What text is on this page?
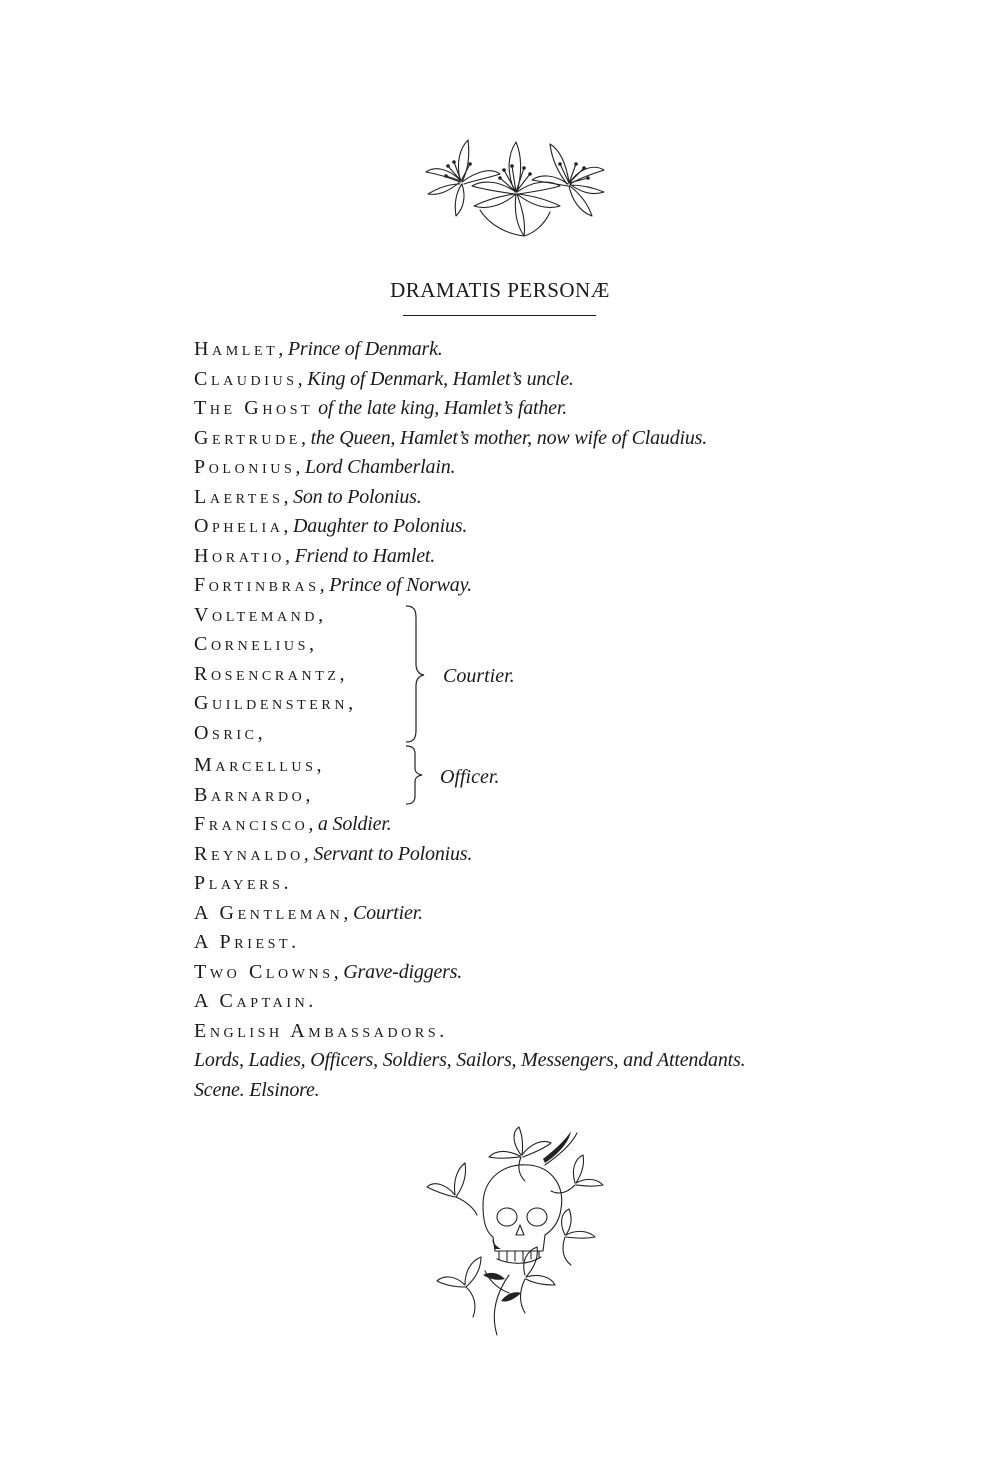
DRAMATIS PERSONÆ
Hamlet, Prince of Denmark.
Claudius, King of Denmark, Hamlet’s uncle.
The Ghost of the late king, Hamlet’s father.
Gertrude, the Queen, Hamlet’s mother, now wife of Claudius.
Polonius, Lord Chamberlain.
Laertes, Son to Polonius.
Ophelia, Daughter to Polonius.
Horatio, Friend to Hamlet.
Fortinbras, Prince of Norway.
Voltemand,
Cornelius,
Rosencrantz,
Guildenstern,
Osric,
Courtier.
Marcellus,
Barnardo,
Officer.
Francisco, a Soldier.
Reynaldo, Servant to Polonius.
Players.
A Gentleman, Courtier.
A Priest.
Two Clowns, Grave-diggers.
A Captain.
English Ambassadors.
Lords, Ladies, Officers, Soldiers, Sailors, Messengers, and Attendants.
Scene. Elsinore.
